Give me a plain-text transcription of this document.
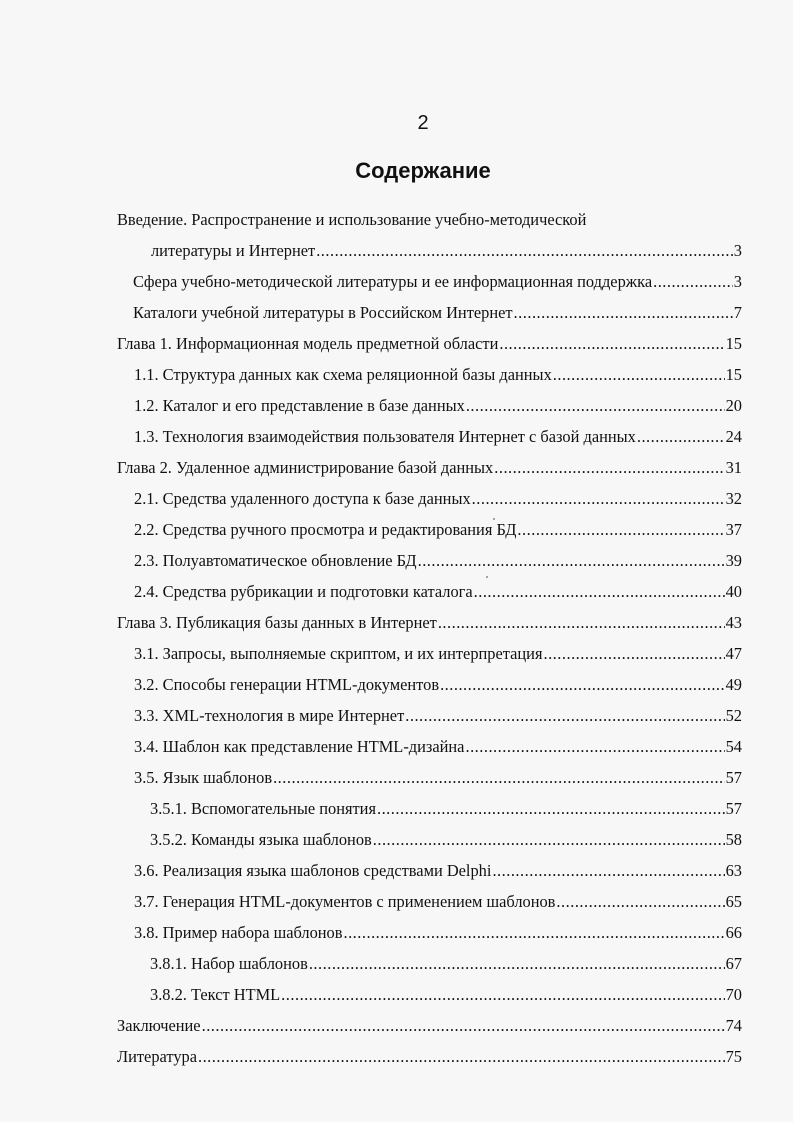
2
Содержание
Введение. Распространение и использование учебно-методической
литературы и Интернет .....	3
Сфера учебно-методической литературы и ее информационная поддержка .....	3
Каталоги учебной литературы в Российском Интернет .....	7
Глава 1. Информационная модель предметной области .....	15
1.1. Структура данных как схема реляционной базы данных .....	15
1.2. Каталог и его представление в базе данных .....	20
1.3. Технология взаимодействия пользователя Интернет с базой данных .....	24
Глава 2. Удаленное администрирование базой данных .....	31
2.1. Средства удаленного доступа к базе данных .....	32
2.2. Средства ручного просмотра и редактирования БД .....	37
2.3. Полуавтоматическое обновление БД .....	39
2.4. Средства рубрикации и подготовки каталога .....	40
Глава 3. Публикация базы данных в Интернет .....	43
3.1. Запросы, выполняемые скриптом, и их интерпретация .....	47
3.2. Способы генерации HTML-документов .....	49
3.3. XML-технология в мире Интернет .....	52
3.4. Шаблон как представление HTML-дизайна .....	54
3.5. Язык шаблонов .....	57
3.5.1. Вспомогательные понятия .....	57
3.5.2. Команды языка шаблонов .....	58
3.6. Реализация языка шаблонов средствами Delphi .....	63
3.7. Генерация HTML-документов с применением шаблонов .....	65
3.8. Пример набора шаблонов .....	66
3.8.1. Набор шаблонов .....	67
3.8.2. Текст HTML .....	70
Заключение .....	74
Литература .....	75
